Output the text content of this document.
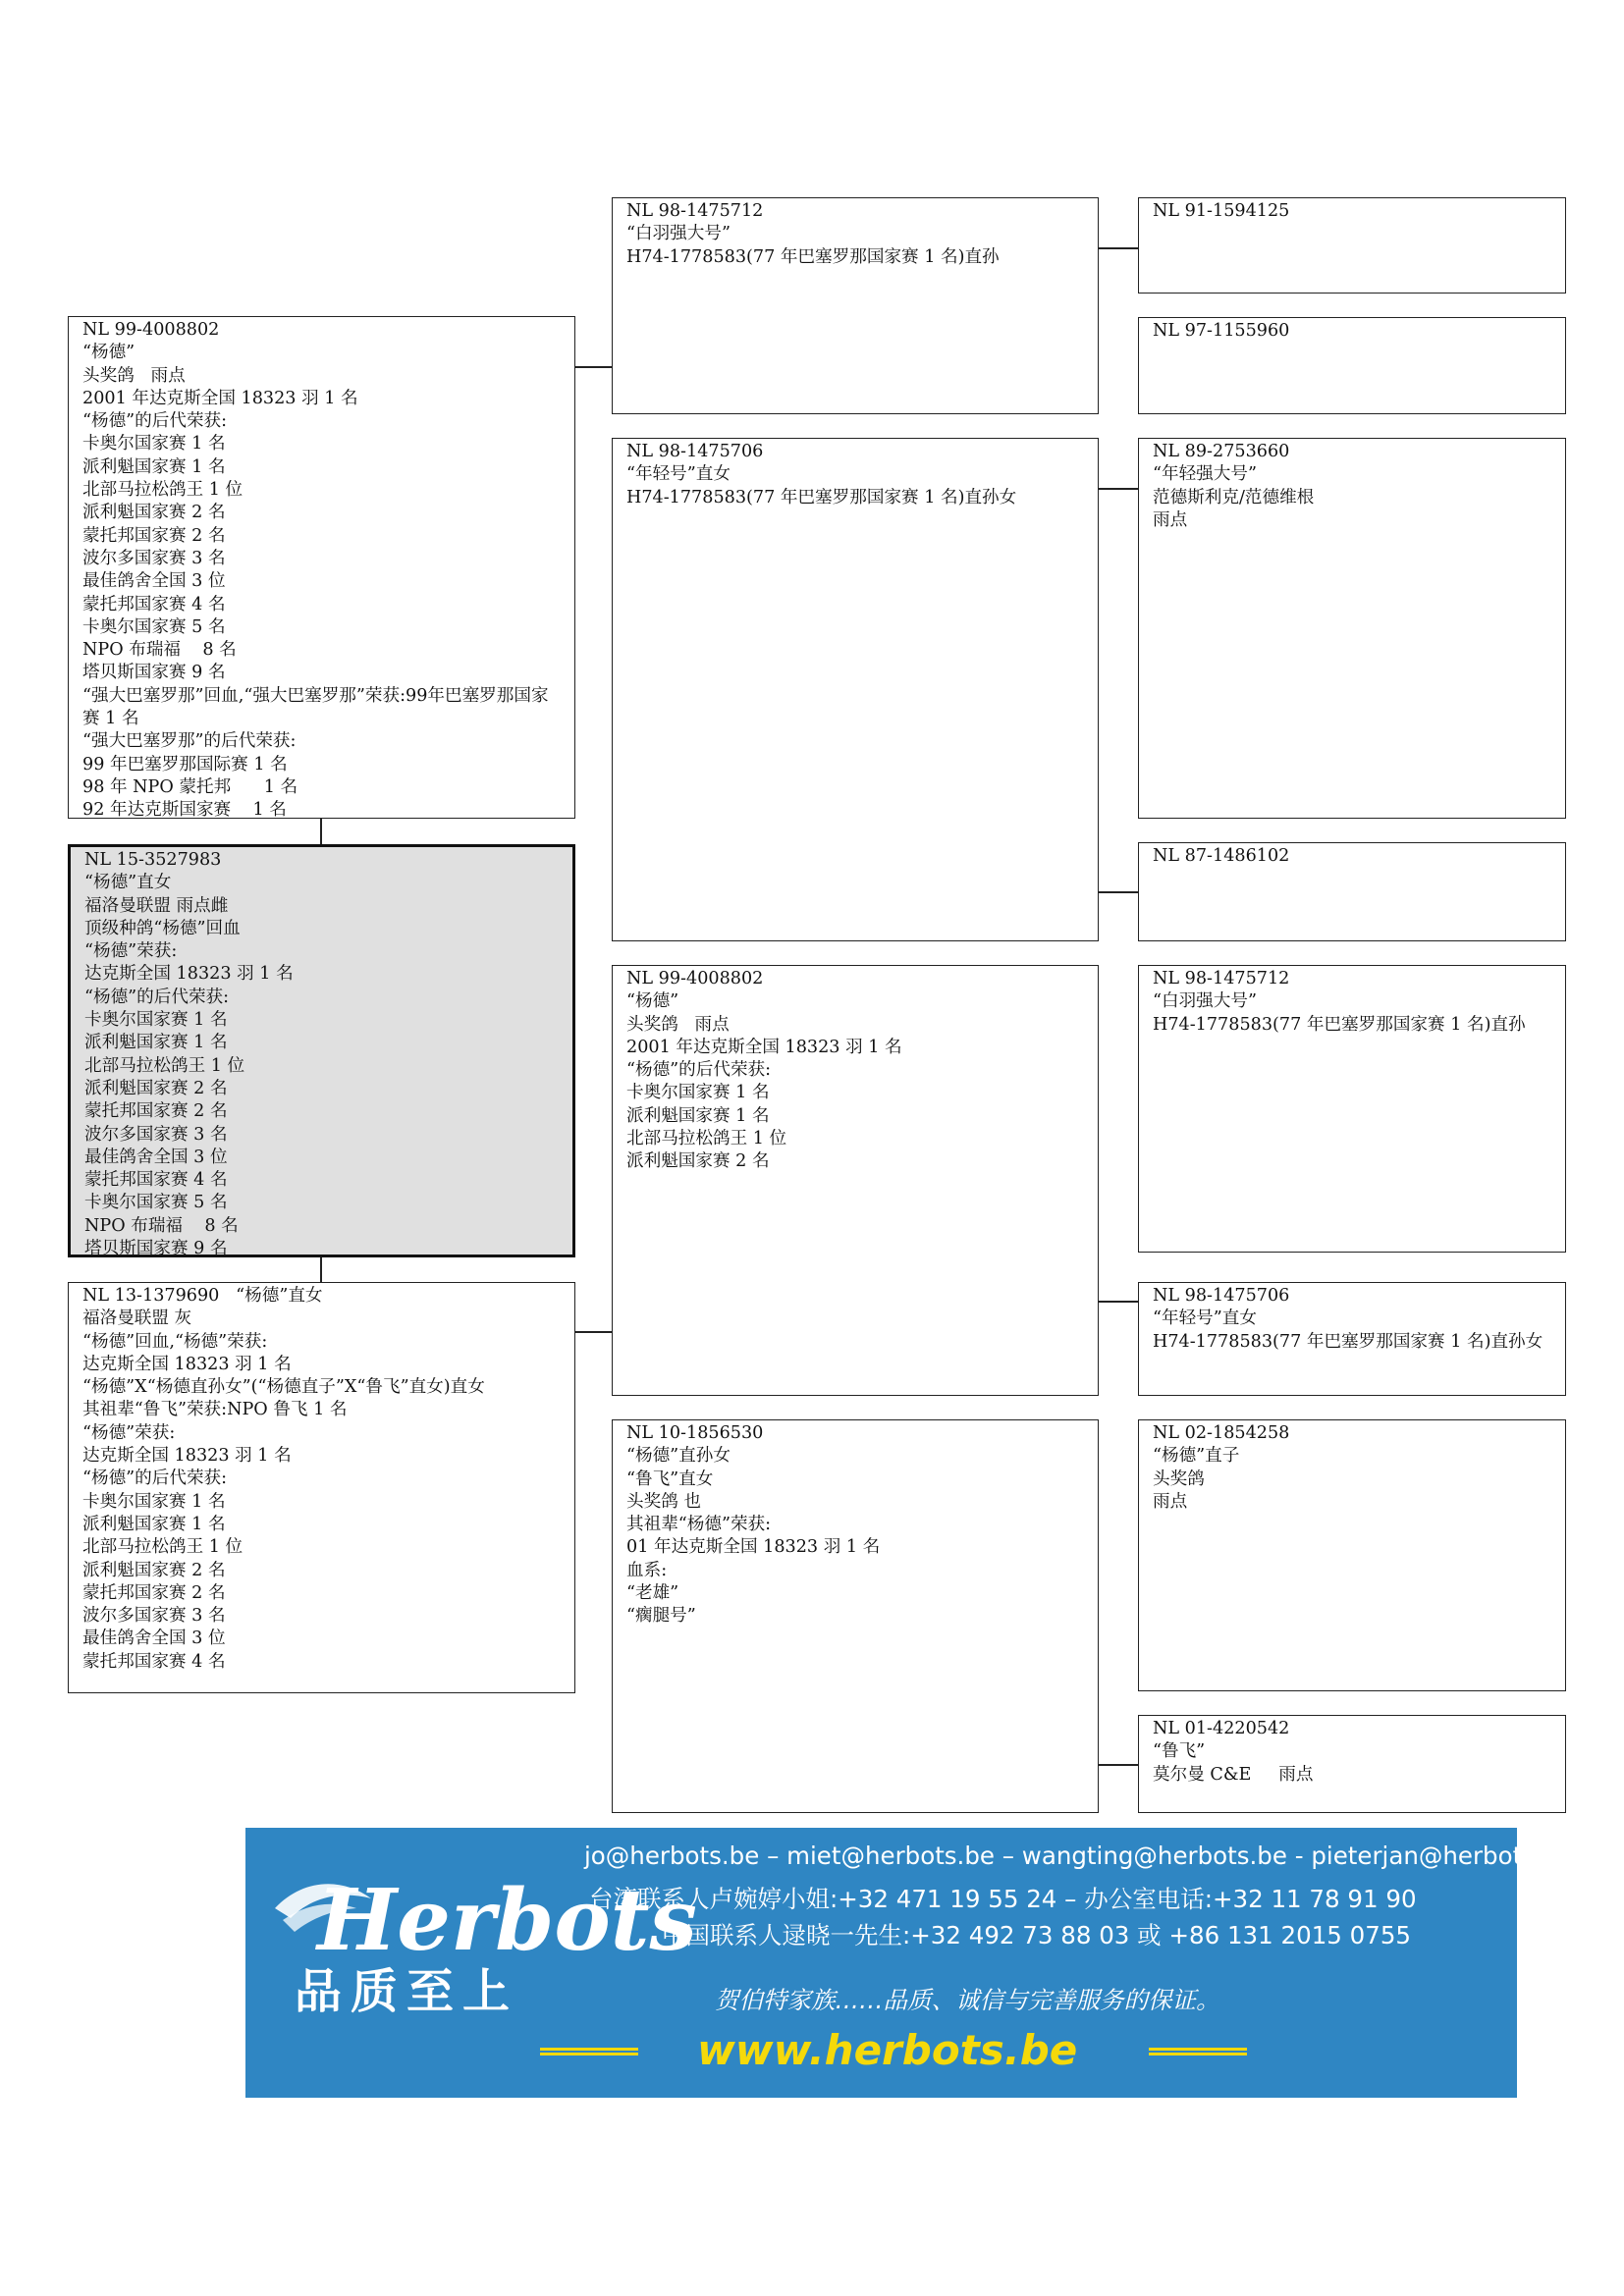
NL 99-4008802
“杨德”
头奖鸽   雨点
2001 年达克斯全国 18323 羽 1 名
“杨德”的后代荣获:
卡奥尔国家赛 1 名
派利魁国家赛 1 名
北部马拉松鸽王 1 位
派利魁国家赛 2 名
蒙托邦国家赛 2 名
波尔多国家赛 3 名
最佳鸽舍全国 3 位
蒙托邦国家赛 4 名
卡奥尔国家赛 5 名
NPO 布瑞福    8 名
塔贝斯国家赛 9 名
“强大巴塞罗那”回血,“强大巴塞罗那”荣获:99年巴塞罗那国家赛 1 名
“强大巴塞罗那”的后代荣获:
99 年巴塞罗那国际赛 1 名
98 年 NPO 蒙托邦      1 名
92 年达克斯国家赛    1 名
NL 15-3527983
“杨德”直女
福洛曼联盟 雨点雌
顶级种鸽“杨德”回血
“杨德”荣获:
达克斯全国 18323 羽 1 名
“杨德”的后代荣获:
卡奥尔国家赛 1 名
派利魁国家赛 1 名
北部马拉松鸽王 1 位
派利魁国家赛 2 名
蒙托邦国家赛 2 名
波尔多国家赛 3 名
最佳鸽舍全国 3 位
蒙托邦国家赛 4 名
卡奥尔国家赛 5 名
NPO 布瑞福    8 名
塔贝斯国家赛 9 名
NL 13-1379690   “杨德”直女
福洛曼联盟 灰
“杨德”回血,“杨德”荣获:
达克斯全国 18323 羽 1 名
“杨德”X“杨德直孙女”(“杨德直子”X“鲁飞”直女)直女
其祖辈“鲁飞”荣获:NPO 鲁飞 1 名
“杨德”荣获:
达克斯全国 18323 羽 1 名
“杨德”的后代荣获:
卡奥尔国家赛 1 名
派利魁国家赛 1 名
北部马拉松鸽王 1 位
派利魁国家赛 2 名
蒙托邦国家赛 2 名
波尔多国家赛 3 名
最佳鸽舍全国 3 位
蒙托邦国家赛 4 名
NL 98-1475712
“白羽强大号”
H74-1778583(77 年巴塞罗那国家赛 1 名)直孙
NL 98-1475706
“年轻号”直女
H74-1778583(77 年巴塞罗那国家赛 1 名)直孙女
NL 99-4008802
“杨德”
头奖鸽   雨点
2001 年达克斯全国 18323 羽 1 名
“杨德”的后代荣获:
卡奥尔国家赛 1 名
派利魁国家赛 1 名
北部马拉松鸽王 1 位
派利魁国家赛 2 名
NL 10-1856530
“杨德”直孙女
“鲁飞”直女
头奖鸽 也
其祖辈“杨德”荣获:
01 年达克斯全国 18323 羽 1 名
血系:
“老雄”
“瘸腿号”
NL 91-1594125
NL 97-1155960
NL 89-2753660
“年轻强大号”
范德斯利克/范德维根
雨点
NL 87-1486102
NL 98-1475712
“白羽强大号”
H74-1778583(77 年巴塞罗那国家赛 1 名)直孙
NL 98-1475706
“年轻号”直女
H74-1778583(77 年巴塞罗那国家赛 1 名)直孙女
NL 02-1854258
“杨德”直子
头奖鸽
雨点
NL 01-4220542
“鲁飞”
莫尔曼 C&E     雨点
Herbots
品质至上
jo@herbots.be – miet@herbots.be – wangting@herbots.be - pieterjan@herbots.be
台湾联系人卢婉婷小姐:+32 471 19 55 24 – 办公室电话:+32 11 78 91 90
中国联系人逯晓一先生:+32 492 73 88 03 或 +86 131 2015 0755
贺伯特家族……品质、诚信与完善服务的保证。
www.herbots.be
